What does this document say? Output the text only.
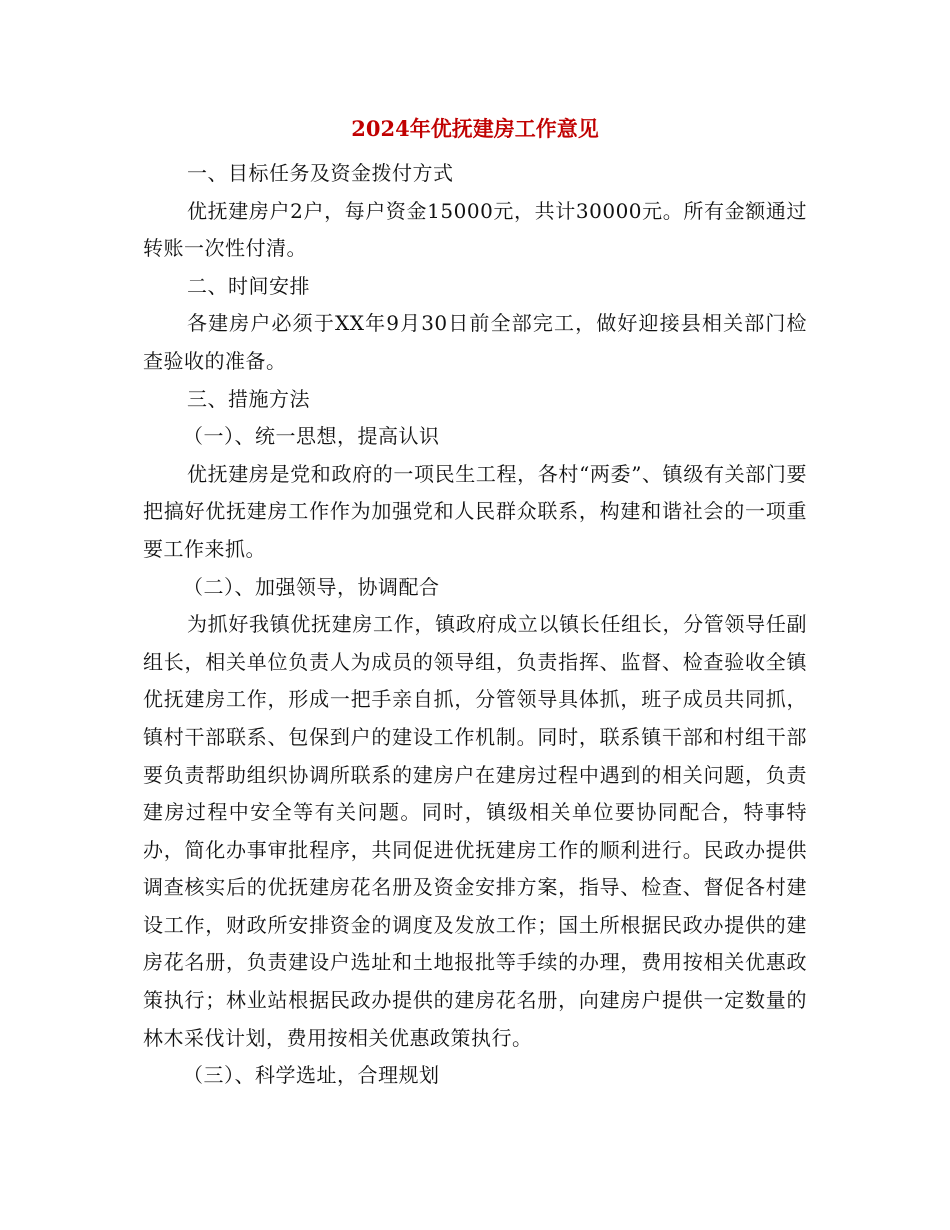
2024年优抚建房工作意见

一、目标任务及资金拨付方式

优抚建房户2户，每户资金15000元，共计30000元。所有金额通过转账一次性付清。

二、时间安排

各建房户必须于XX年9月30日前全部完工，做好迎接县相关部门检查验收的准备。

三、措施方法

（一）、统一思想，提高认识

优抚建房是党和政府的一项民生工程，各村“两委”、镇级有关部门要把搞好优抚建房工作作为加强党和人民群众联系，构建和谐社会的一项重要工作来抓。

（二）、加强领导，协调配合

为抓好我镇优抚建房工作，镇政府成立以镇长任组长，分管领导任副组长，相关单位负责人为成员的领导组，负责指挥、监督、检查验收全镇优抚建房工作，形成一把手亲自抓，分管领导具体抓，班子成员共同抓，镇村干部联系、包保到户的建设工作机制。同时，联系镇干部和村组干部要负责帮助组织协调所联系的建房户在建房过程中遇到的相关问题，负责建房过程中安全等有关问题。同时，镇级相关单位要协同配合，特事特办，简化办事审批程序，共同促进优抚建房工作的顺利进行。民政办提供调查核实后的优抚建房花名册及资金安排方案，指导、检查、督促各村建设工作，财政所安排资金的调度及发放工作；国土所根据民政办提供的建房花名册，负责建设户选址和土地报批等手续的办理，费用按相关优惠政策执行；林业站根据民政办提供的建房花名册，向建房户提供一定数量的林木采伐计划，费用按相关优惠政策执行。

（三）、科学选址，合理规划
